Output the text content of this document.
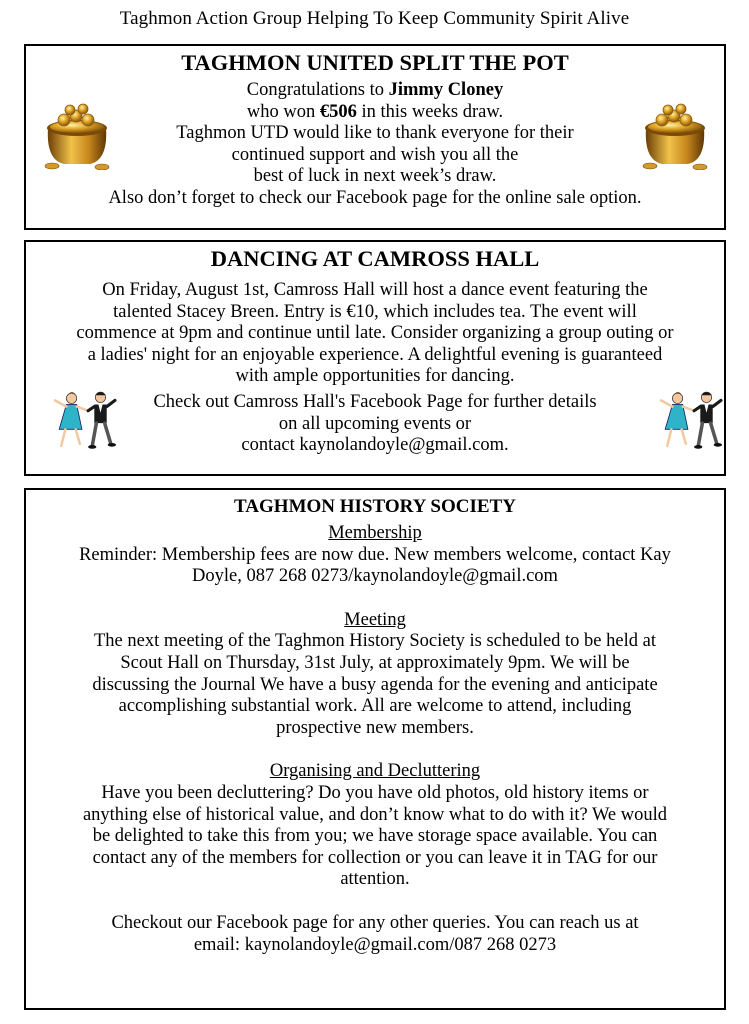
Taghmon Action Group Helping To Keep Community Spirit Alive
TAGHMON UNITED SPLIT THE POT

Congratulations to Jimmy Cloney

who won €506 in this weeks draw.

Taghmon UTD would like to thank everyone for their

continued support and wish you all the

best of luck in next week’s draw.

Also don’t forget to check our Facebook page for the online sale option.

DANCING AT CAMROSS HALL

On Friday, August 1st, Camross Hall will host a dance event featuring the

talented Stacey Breen. Entry is €10, which includes tea. The event will

commence at 9pm and continue until late. Consider organizing a group outing or

a ladies' night for an enjoyable experience. A delightful evening is guaranteed

with ample opportunities for dancing.

Check out Camross Hall's Facebook Page for further details

on all upcoming events or

contact kaynolandoyle@gmail.com.

TAGHMON HISTORY SOCIETY

Membership

Reminder: Membership fees are now due. New members welcome, contact Kay

Doyle, 087 268 0273/kaynolandoyle@gmail.com

Meeting

The next meeting of the Taghmon History Society is scheduled to be held at

Scout Hall on Thursday, 31st July, at approximately 9pm. We will be

discussing the Journal We have a busy agenda for the evening and anticipate

accomplishing substantial work. All are welcome to attend, including

prospective new members.

Organising and Decluttering

Have you been decluttering? Do you have old photos, old history items or

anything else of historical value, and don’t know what to do with it? We would

be delighted to take this from you; we have storage space available. You can

contact any of the members for collection or you can leave it in TAG for our

attention.

Checkout our Facebook page for any other queries. You can reach us at

email: kaynolandoyle@gmail.com/087 268 0273
